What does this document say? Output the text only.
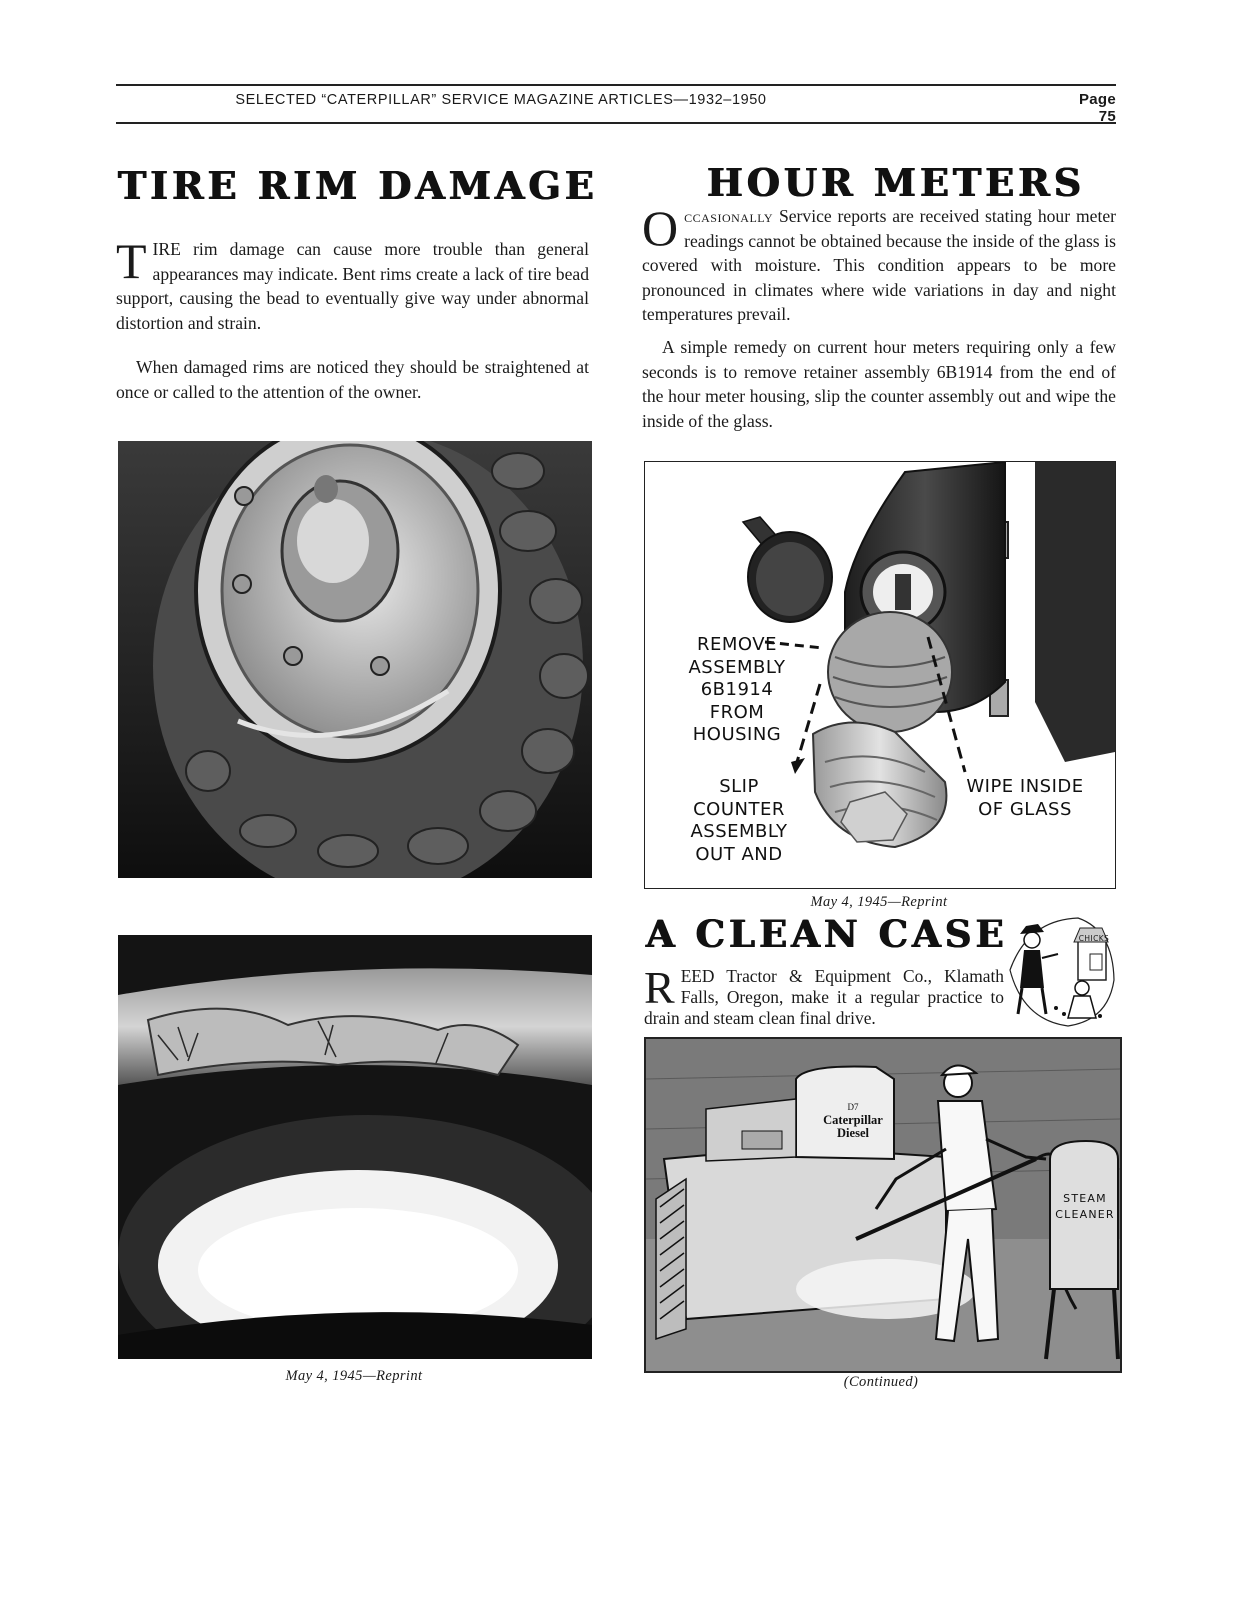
SELECTED “CATERPILLAR” SERVICE MAGAZINE ARTICLES—1932–1950	Page 75
TIRE RIM DAMAGE

TIRE rim damage can cause more trouble than general appearances may indicate. Bent rims create a lack of tire bead support, causing the bead to eventually give way under abnormal distortion and strain.

When damaged rims are noticed they should be straightened at once or called to the attention of the owner.

May 4, 1945—Reprint
HOUR METERS

Occasionally Service reports are received stating hour meter readings cannot be obtained because the inside of the glass is covered with moisture. This condition appears to be more pronounced in climates where wide variations in day and night temperatures prevail.

A simple remedy on current hour meters requiring only a few seconds is to remove retainer assembly 6B1914 from the end of the hour meter housing, slip the counter assembly out and wipe the inside of the glass.

REMOVE
ASSEMBLY
6B1914
FROM
HOUSING
SLIP
COUNTER
ASSEMBLY
OUT AND
WIPE INSIDE
OF GLASS
May 4, 1945—Reprint
A CLEAN CASE

REED Tractor & Equipment Co., Klamath Falls, Oregon, make it a regular practice to drain and steam clean final drive.

CHICKS
D7
Caterpillar
Diesel
STEAM
CLEANER
(Continued)
